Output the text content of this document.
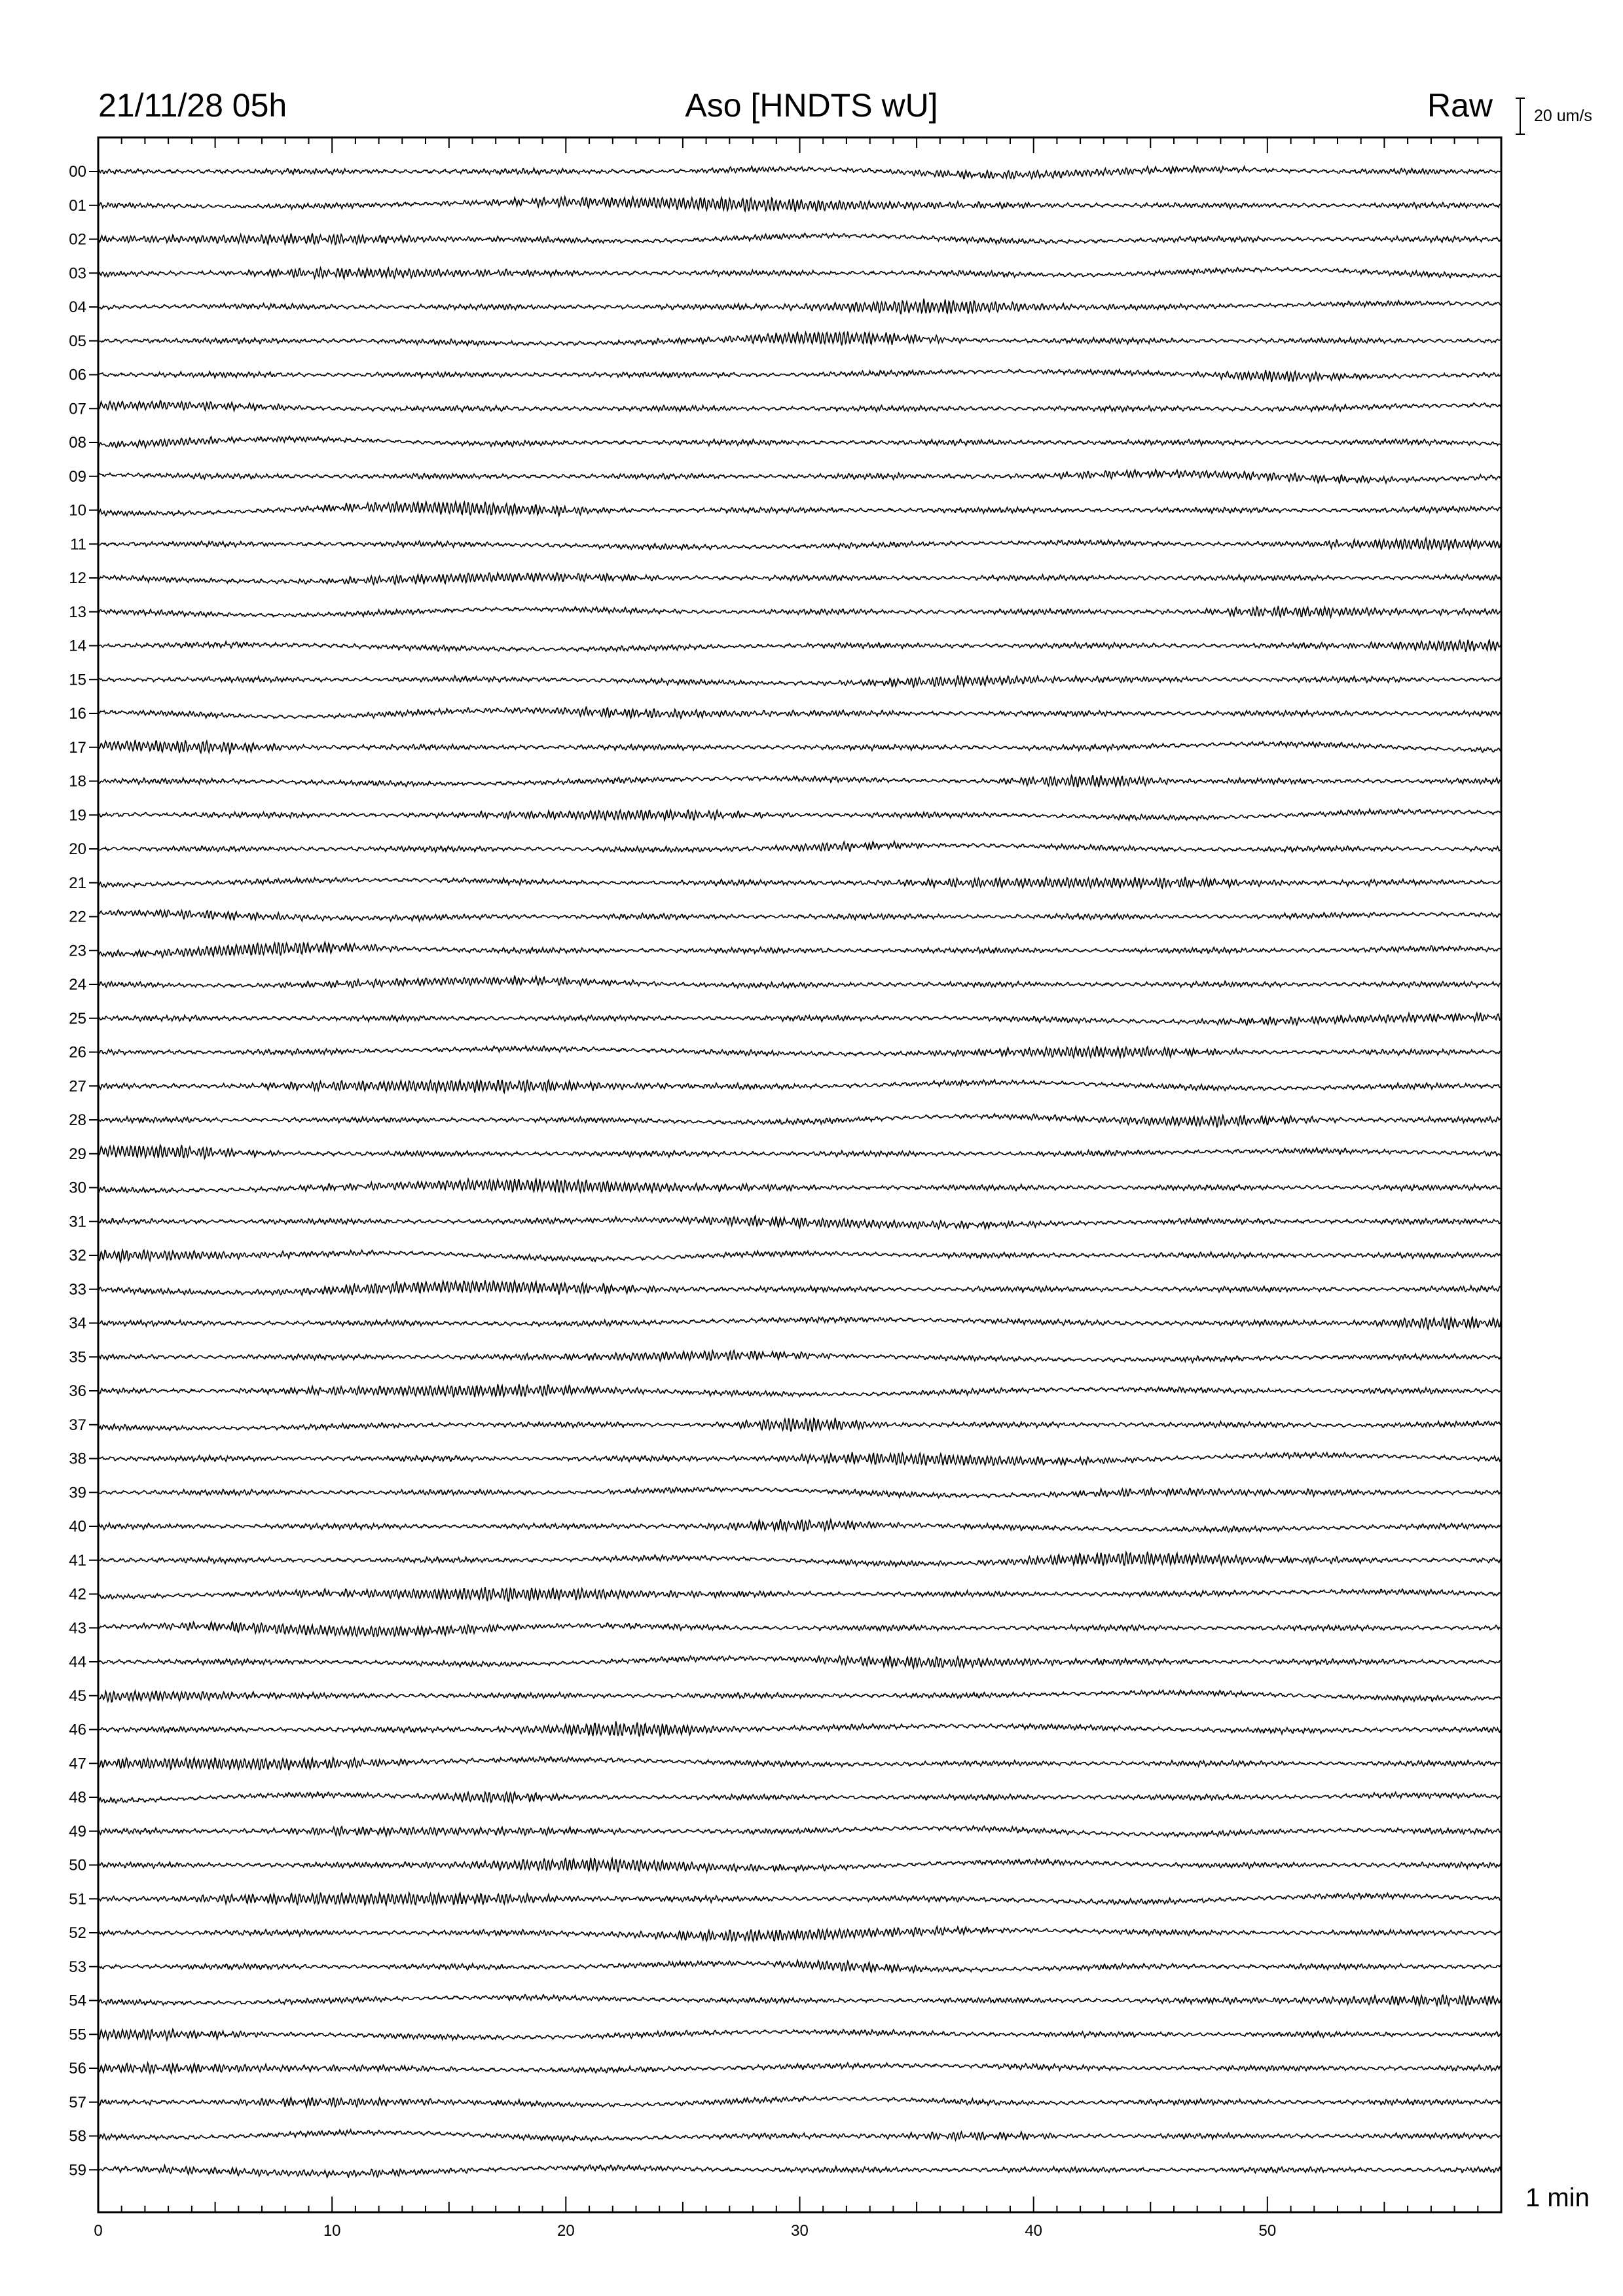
21/11/28 05h	Aso [HNDTS wU]	Raw	20 um/s
1 min
00
01
02
03
04
05
06
07
08
09
10
11
12
13
14
15
16
17
18
19
20
21
22
23
24
25
26
27
28
29
30
31
32
33
34
35
36
37
38
39
40
41
42
43
44
45
46
47
48
49
50
51
52
53
54
55
56
57
58
59
0	10	20	30	40	50
